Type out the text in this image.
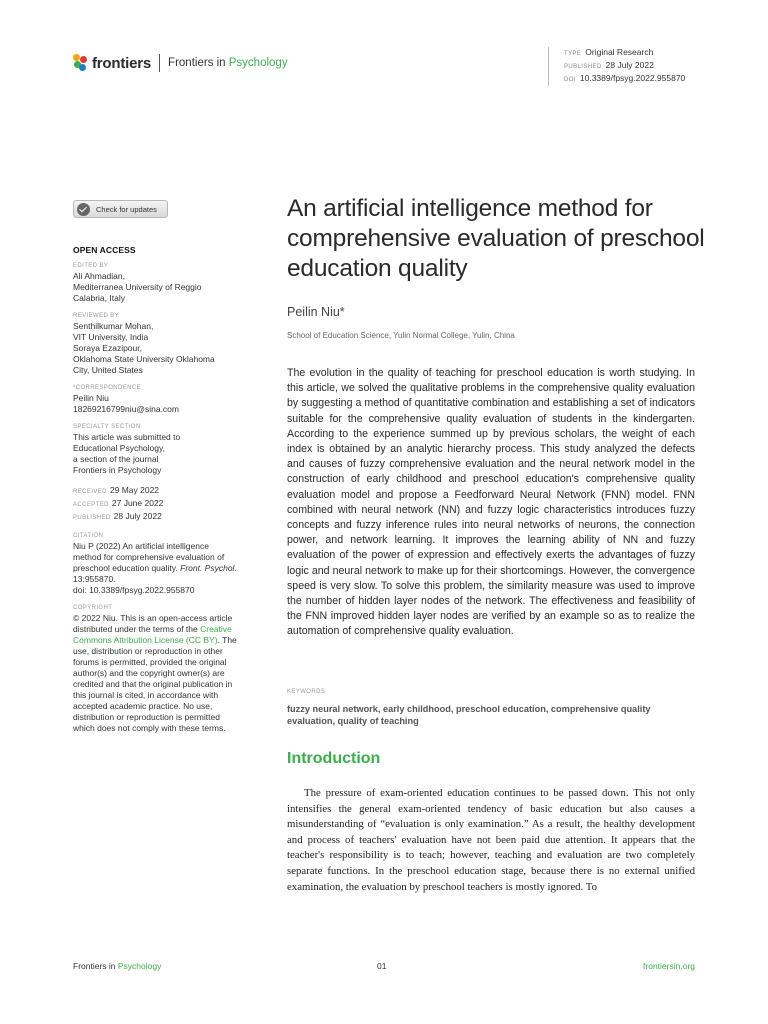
frontiers Frontiers in Psychology
TYPE Original Research
PUBLISHED 28 July 2022
DOI 10.3389/fpsyg.2022.955870
Check for updates
OPEN ACCESS
EDITED BY
Ali Ahmadian,
Mediterranea University of Reggio
Calabria, Italy
REVIEWED BY
Senthilkumar Mohan,
VIT University, India
Soraya Ezazipour,
Oklahoma State University Oklahoma
City, United States
*CORRESPONDENCE
Peilin Niu
18269216799niu@sina.com
SPECIALTY SECTION
This article was submitted to
Educational Psychology,
a section of the journal
Frontiers in Psychology
RECEIVED 29 May 2022
ACCEPTED 27 June 2022
PUBLISHED 28 July 2022
CITATION
Niu P (2022) An artificial intelligence method for comprehensive evaluation of preschool education quality. Front. Psychol. 13:955870.
doi: 10.3389/fpsyg.2022.955870
COPYRIGHT
© 2022 Niu. This is an open-access article distributed under the terms of the Creative Commons Attribution License (CC BY). The use, distribution or reproduction in other forums is permitted, provided the original author(s) and the copyright owner(s) are credited and that the original publication in this journal is cited, in accordance with accepted academic practice. No use, distribution or reproduction is permitted which does not comply with these terms.
An artificial intelligence method for comprehensive evaluation of preschool education quality
Peilin Niu*
School of Education Science, Yulin Normal College, Yulin, China

The evolution in the quality of teaching for preschool education is worth studying. In this article, we solved the qualitative problems in the comprehensive quality evaluation by suggesting a method of quantitative combination and establishing a set of indicators suitable for the comprehensive quality evaluation of students in the kindergarten. According to the experience summed up by previous scholars, the weight of each index is obtained by an analytic hierarchy process. This study analyzed the defects and causes of fuzzy comprehensive evaluation and the neural network model in the construction of early childhood and preschool education's comprehensive quality evaluation model and propose a Feedforward Neural Network (FNN) model. FNN combined with neural network (NN) and fuzzy logic characteristics introduces fuzzy concepts and fuzzy inference rules into neural networks of neurons, the connection power, and network learning. It improves the learning ability of NN and fuzzy evaluation of the power of expression and effectively exerts the advantages of fuzzy logic and neural network to make up for their shortcomings. However, the convergence speed is very slow. To solve this problem, the similarity measure was used to improve the number of hidden layer nodes of the network. The effectiveness and feasibility of the FNN improved hidden layer nodes are verified by an example so as to realize the automation of comprehensive quality evaluation.

KEYWORDS
fuzzy neural network, early childhood, preschool education, comprehensive quality evaluation, quality of teaching
Introduction

The pressure of exam-oriented education continues to be passed down. This not only intensifies the general exam-oriented tendency of basic education but also causes a misunderstanding of “evaluation is only examination.” As a result, the healthy development and process of teachers' evaluation have not been paid due attention. It appears that the teacher's responsibility is to teach; however, teaching and evaluation are two completely separate functions. In the preschool education stage, because there is no external unified examination, the evaluation by preschool teachers is mostly ignored. To

Frontiers in Psychology	01	frontiersin.org
